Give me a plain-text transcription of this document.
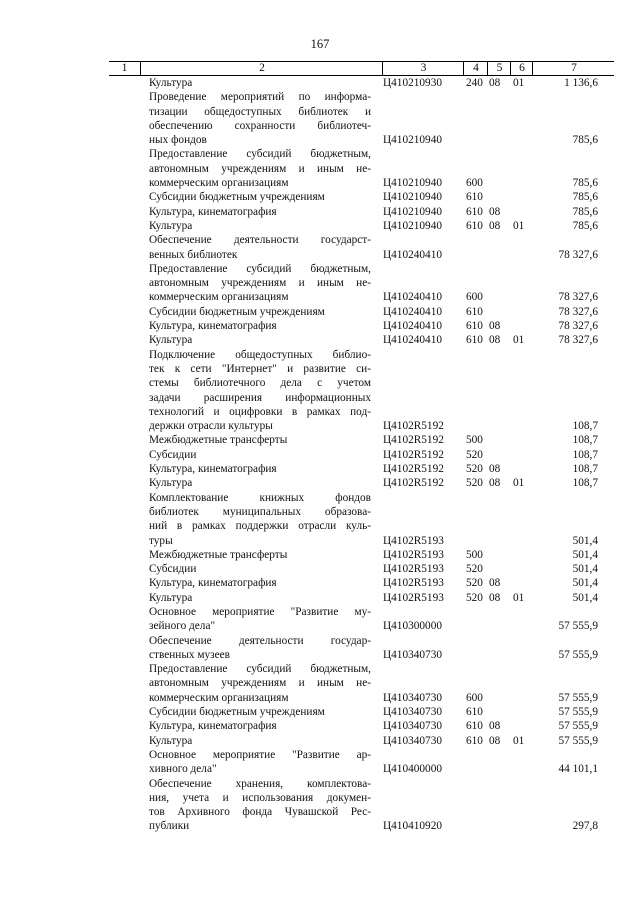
167
1	2	3	4	5	6	7
Культура	Ц410210930 240 08 01	1 136,6
Проведение мероприятий по информа-
тизации общедоступных библиотек и
обеспечению сохранности библиотеч-
ных фондов	Ц410210940	785,6
Предоставление субсидий бюджетным,
автономным учреждениям и иным не-
коммерческим организациям	Ц410210940 600	785,6
Субсидии бюджетным учреждениям	Ц410210940 610	785,6
Культура, кинематография	Ц410210940 610 08	785,6
Культура	Ц410210940 610 08 01	785,6
Обеспечение деятельности государст-
венных библиотек	Ц410240410	78 327,6
Предоставление субсидий бюджетным,
автономным учреждениям и иным не-
коммерческим организациям	Ц410240410 600	78 327,6
Субсидии бюджетным учреждениям	Ц410240410 610	78 327,6
Культура, кинематография	Ц410240410 610 08	78 327,6
Культура	Ц410240410 610 08 01	78 327,6
Подключение общедоступных библио-
тек к сети "Интернет" и развитие си-
стемы библиотечного дела с учетом
задачи расширения информационных
технологий и оцифровки в рамках под-
держки отрасли культуры	Ц4102R5192	108,7
Межбюджетные трансферты	Ц4102R5192 500	108,7
Субсидии	Ц4102R5192 520	108,7
Культура, кинематография	Ц4102R5192 520 08	108,7
Культура	Ц4102R5192 520 08 01	108,7
Комплектование книжных фондов
библиотек муниципальных образова-
ний в рамках поддержки отрасли куль-
туры	Ц4102R5193	501,4
Межбюджетные трансферты	Ц4102R5193 500	501,4
Субсидии	Ц4102R5193 520	501,4
Культура, кинематография	Ц4102R5193 520 08	501,4
Культура	Ц4102R5193 520 08 01	501,4
Основное мероприятие "Развитие му-
зейного дела"	Ц410300000	57 555,9
Обеспечение деятельности государ-
ственных музеев	Ц410340730	57 555,9
Предоставление субсидий бюджетным,
автономным учреждениям и иным не-
коммерческим организациям	Ц410340730 600	57 555,9
Субсидии бюджетным учреждениям	Ц410340730 610	57 555,9
Культура, кинематография	Ц410340730 610 08	57 555,9
Культура	Ц410340730 610 08 01	57 555,9
Основное мероприятие "Развитие ар-
хивного дела"	Ц410400000	44 101,1
Обеспечение хранения, комплектова-
ния, учета и использования докумен-
тов Архивного фонда Чувашской Рес-
публики	Ц410410920	297,8
